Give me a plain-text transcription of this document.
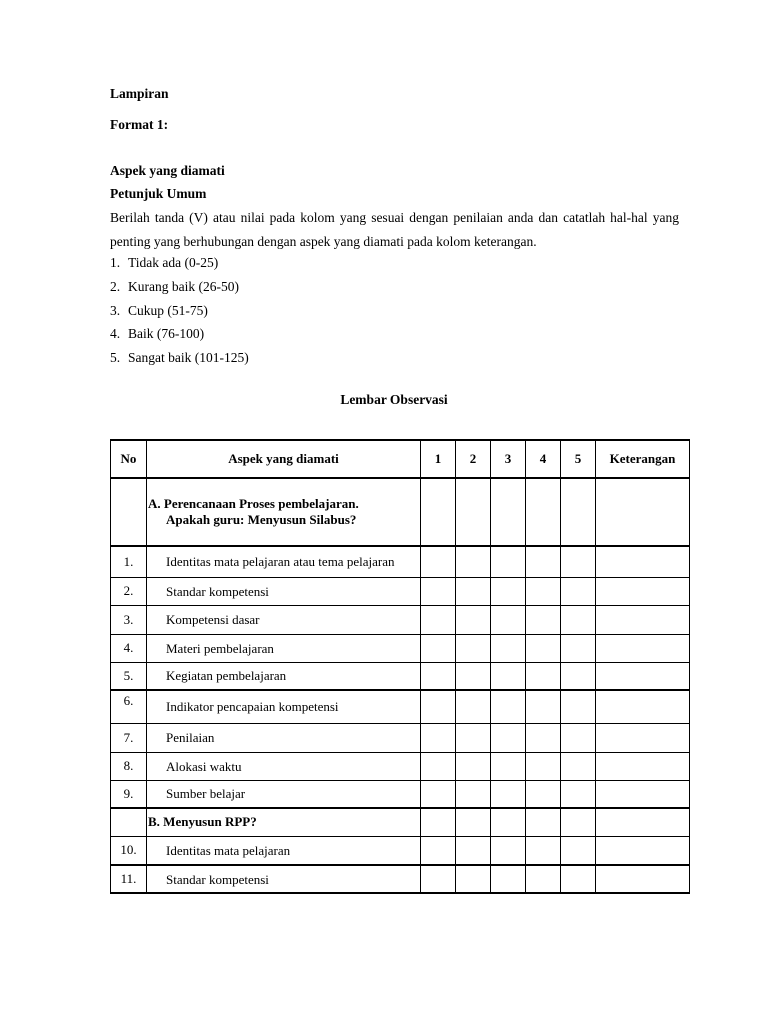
Lampiran
Format 1:
Aspek yang diamati
Petunjuk Umum
Berilah tanda (V) atau nilai pada kolom yang sesuai dengan penilaian anda dan catatlah hal-hal yang penting yang berhubungan dengan aspek yang diamati pada kolom keterangan.
1. Tidak ada (0-25)
2. Kurang baik (26-50)
3. Cukup (51-75)
4. Baik (76-100)
5. Sangat baik (101-125)
Lembar Observasi
No	Aspek yang diamati	1	2	3	4	5	Keterangan
	A. Perencanaan Proses pembelajaran.
Apakah guru: Menyusun Silabus?						
1.	Identitas mata pelajaran atau tema pelajaran						
2.	Standar kompetensi						
3.	Kompetensi dasar						
4.	Materi pembelajaran						
5.	Kegiatan pembelajaran						
6.	Indikator pencapaian kompetensi						
7.	Penilaian						
8.	Alokasi waktu						
9.	Sumber belajar						
	B. Menyusun RPP?						
10.	Identitas mata pelajaran						
11.	Standar kompetensi						
